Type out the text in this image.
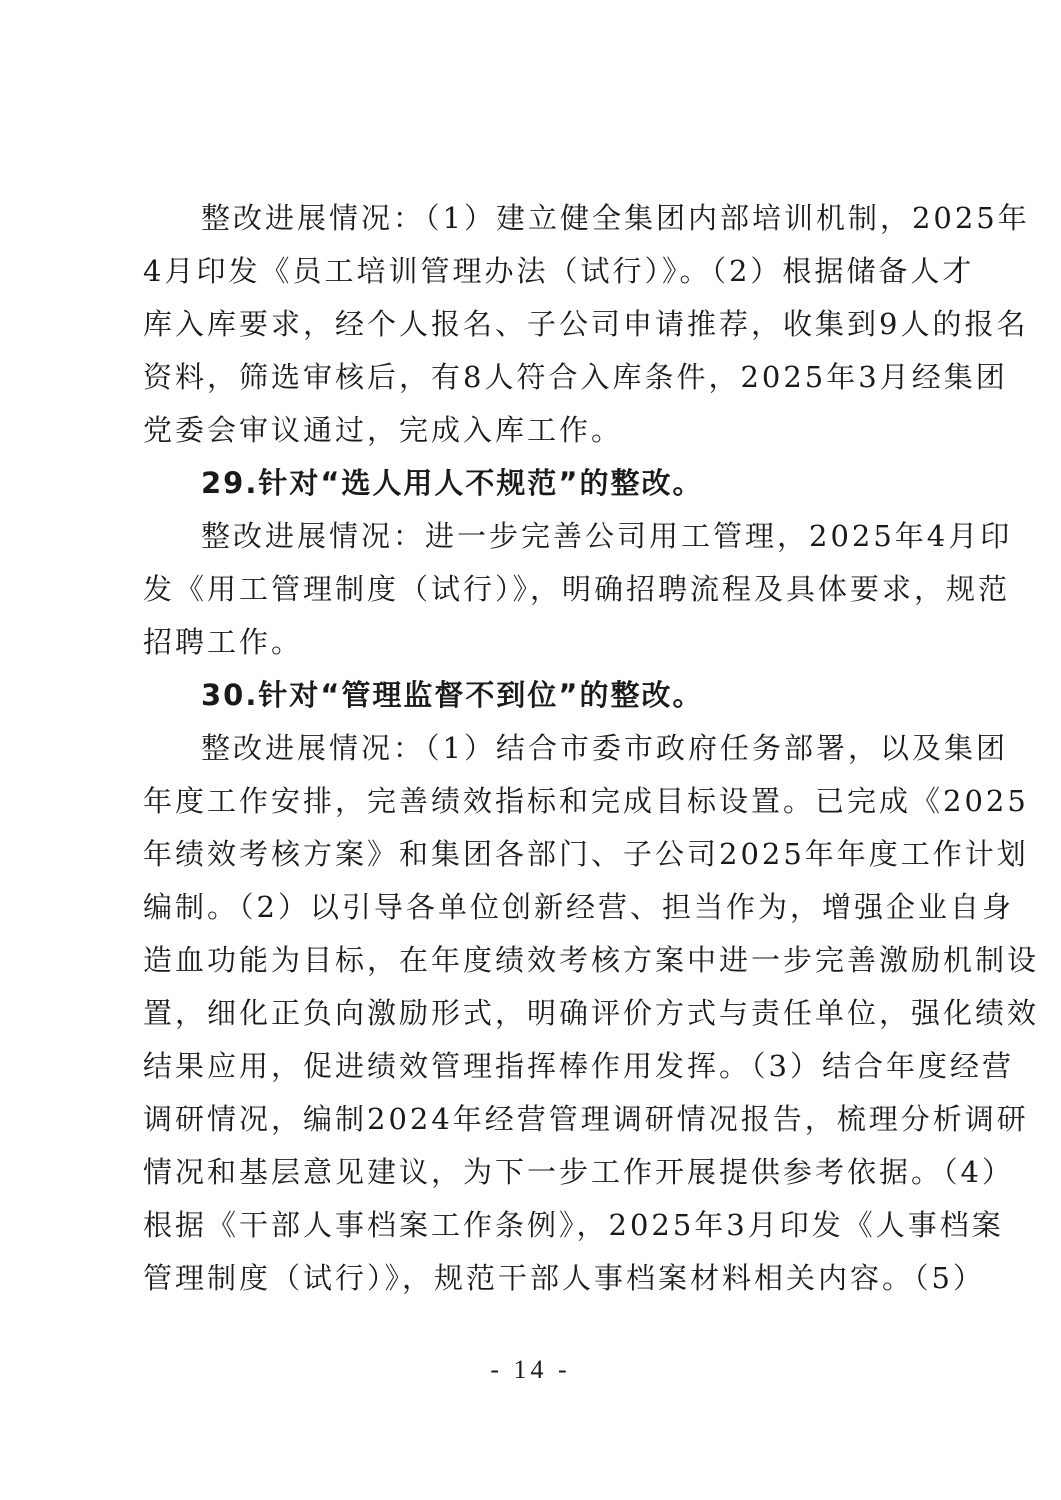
整改进展情况：（1）建立健全集团内部培训机制，2025年
4月印发《员工培训管理办法（试行）》。（2）根据储备人才
库入库要求，经个人报名、子公司申请推荐，收集到9人的报名
资料，筛选审核后，有8人符合入库条件，2025年3月经集团
党委会审议通过，完成入库工作。
29.针对“选人用人不规范”的整改。
整改进展情况：进一步完善公司用工管理，2025年4月印
发《用工管理制度（试行）》，明确招聘流程及具体要求，规范
招聘工作。
30.针对“管理监督不到位”的整改。
整改进展情况：（1）结合市委市政府任务部署，以及集团
年度工作安排，完善绩效指标和完成目标设置。已完成《2025
年绩效考核方案》和集团各部门、子公司2025年年度工作计划
编制。（2）以引导各单位创新经营、担当作为，增强企业自身
造血功能为目标，在年度绩效考核方案中进一步完善激励机制设
置，细化正负向激励形式，明确评价方式与责任单位，强化绩效
结果应用，促进绩效管理指挥棒作用发挥。（3）结合年度经营
调研情况，编制2024年经营管理调研情况报告，梳理分析调研
情况和基层意见建议，为下一步工作开展提供参考依据。（4）
根据《干部人事档案工作条例》，2025年3月印发《人事档案
管理制度（试行）》，规范干部人事档案材料相关内容。（5）
- 14 -
